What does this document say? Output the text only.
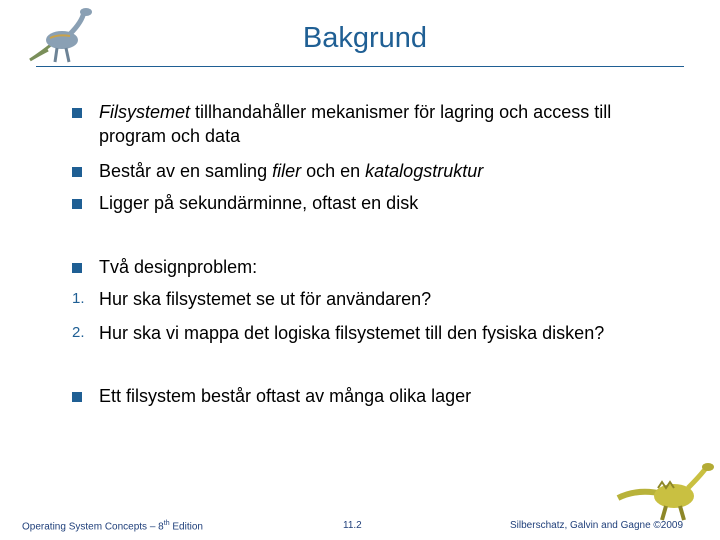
Bakgrund
Filsystemet tillhandahåller mekanismer för lagring och access till
program och data
Består av en samling filer och en katalogstruktur
Ligger på sekundärminne, oftast en disk
Två designproblem:
1. Hur ska filsystemet se ut för användaren?
2. Hur ska vi mappa det logiska filsystemet till den fysiska disken?
Ett filsystem består oftast av många olika lager
Operating System Concepts – 8th Edition	11.2	Silberschatz, Galvin and Gagne ©2009
